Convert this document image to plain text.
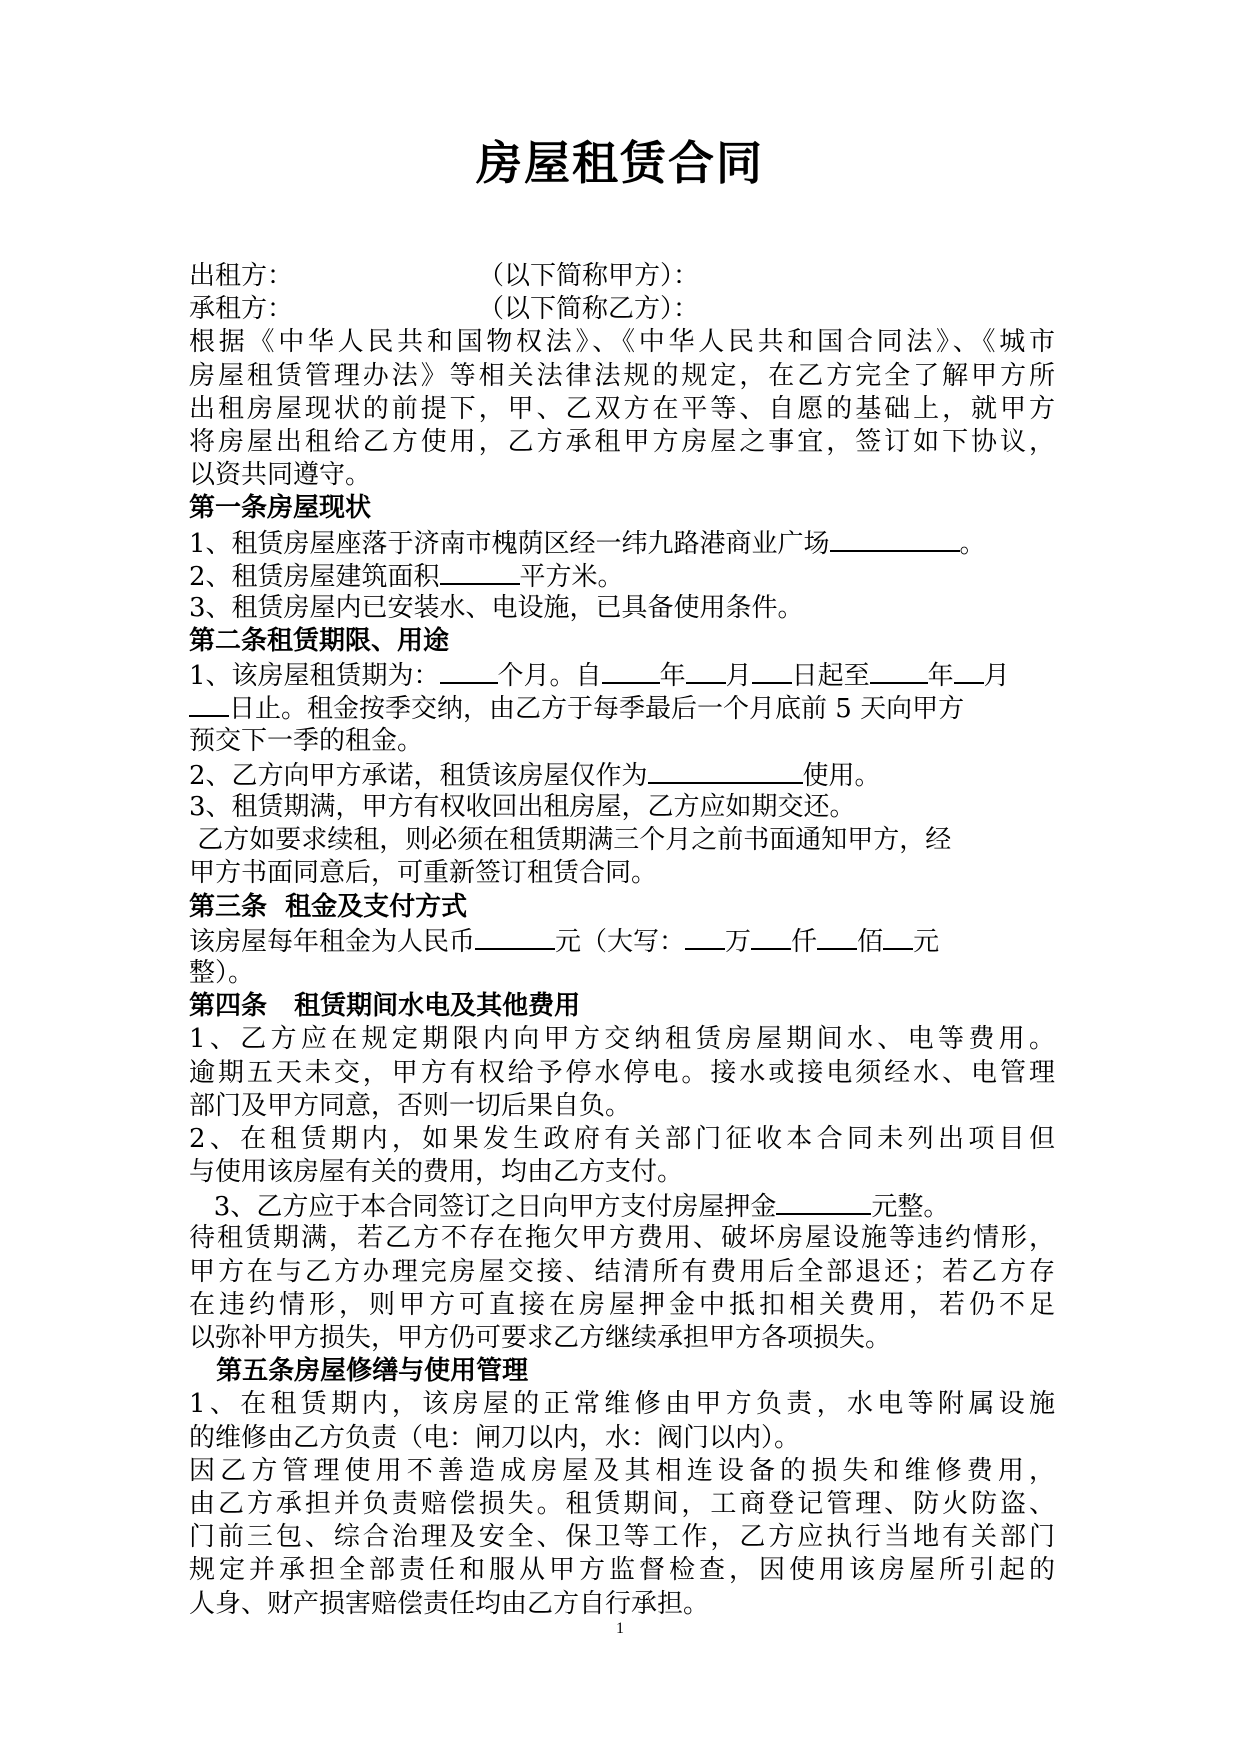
房屋租赁合同
出租方：	（以下简称甲方）：
承租方：	（以下简称乙方）：
根据《中华人民共和国物权法》、《中华人民共和国合同法》、《城市
房屋租赁管理办法》等相关法律法规的规定，在乙方完全了解甲方所
出租房屋现状的前提下，甲、乙双方在平等、自愿的基础上，就甲方
将房屋出租给乙方使用，乙方承租甲方房屋之事宜，签订如下协议，
以资共同遵守。
第一条房屋现状
1、租赁房屋座落于济南市槐荫区经一纬九路港商业广场	。
2、租赁房屋建筑面积	平方米。
3、租赁房屋内已安装水、电设施，已具备使用条件。
第二条租赁期限、用途
1、该房屋租赁期为： 个月。自 年 月 日起至 年 月
日止。租金按季交纳，由乙方于每季最后一个月底前 5 天向甲方
预交下一季的租金。
2、乙方向甲方承诺，租赁该房屋仅作为	使用。
3、租赁期满，甲方有权收回出租房屋，乙方应如期交还。
乙方如要求续租，则必须在租赁期满三个月之前书面通知甲方，经
甲方书面同意后，可重新签订租赁合同。
第三条  租金及支付方式
该房屋每年租金为人民币	元（大写： 万 仟 佰 元
整）。
第四条   租赁期间水电及其他费用
1、乙方应在规定期限内向甲方交纳租赁房屋期间水、电等费用。
逾期五天未交，甲方有权给予停水停电。接水或接电须经水、电管理
部门及甲方同意，否则一切后果自负。
2、在租赁期内，如果发生政府有关部门征收本合同未列出项目但
与使用该房屋有关的费用，均由乙方支付。
3、乙方应于本合同签订之日向甲方支付房屋押金	元整。
待租赁期满，若乙方不存在拖欠甲方费用、破坏房屋设施等违约情形，
甲方在与乙方办理完房屋交接、结清所有费用后全部退还；若乙方存
在违约情形，则甲方可直接在房屋押金中抵扣相关费用，若仍不足
以弥补甲方损失，甲方仍可要求乙方继续承担甲方各项损失。
第五条房屋修缮与使用管理
1、在租赁期内，该房屋的正常维修由甲方负责，水电等附属设施
的维修由乙方负责（电：闸刀以内，水：阀门以内）。
因乙方管理使用不善造成房屋及其相连设备的损失和维修费用，
由乙方承担并负责赔偿损失。租赁期间，工商登记管理、防火防盗、
门前三包、综合治理及安全、保卫等工作，乙方应执行当地有关部门
规定并承担全部责任和服从甲方监督检查，因使用该房屋所引起的
人身、财产损害赔偿责任均由乙方自行承担。
1
